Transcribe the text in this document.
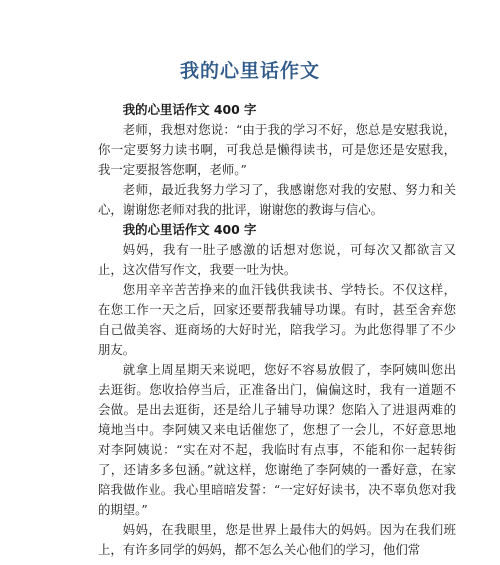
我的心里话作文

我的心里话作文 400 字

老师，我想对您说：“由于我的学习不好，您总是安慰我说，你一定要努力读书啊，可我总是懒得读书，可是您还是安慰我，我一定要报答您啊，老师。”

老师，最近我努力学习了，我感谢您对我的安慰、努力和关心，谢谢您老师对我的批评，谢谢您的教诲与信心。

我的心里话作文 400 字

妈妈，我有一肚子感激的话想对您说，可每次又都欲言又止，这次借写作文，我要一吐为快。

您用辛辛苦苦挣来的血汗钱供我读书、学特长。不仅这样，在您工作一天之后，回家还要帮我辅导功课。有时，甚至舍弃您自己做美容、逛商场的大好时光，陪我学习。为此您得罪了不少朋友。

就拿上周星期天来说吧，您好不容易放假了，李阿姨叫您出去逛街。您收拾停当后，正准备出门，偏偏这时，我有一道题不会做。是出去逛街，还是给儿子辅导功课？您陷入了进退两难的境地当中。李阿姨又来电话催您了，您想了一会儿，不好意思地对李阿姨说：“实在对不起，我临时有点事，不能和你一起转街了，还请多多包涵。”就这样，您谢绝了李阿姨的一番好意，在家陪我做作业。我心里暗暗发誓：“一定好好读书，决不辜负您对我的期望。”

妈妈，在我眼里，您是世界上最伟大的妈妈。因为在我们班上，有许多同学的妈妈，都不怎么关心他们的学习，他们常
